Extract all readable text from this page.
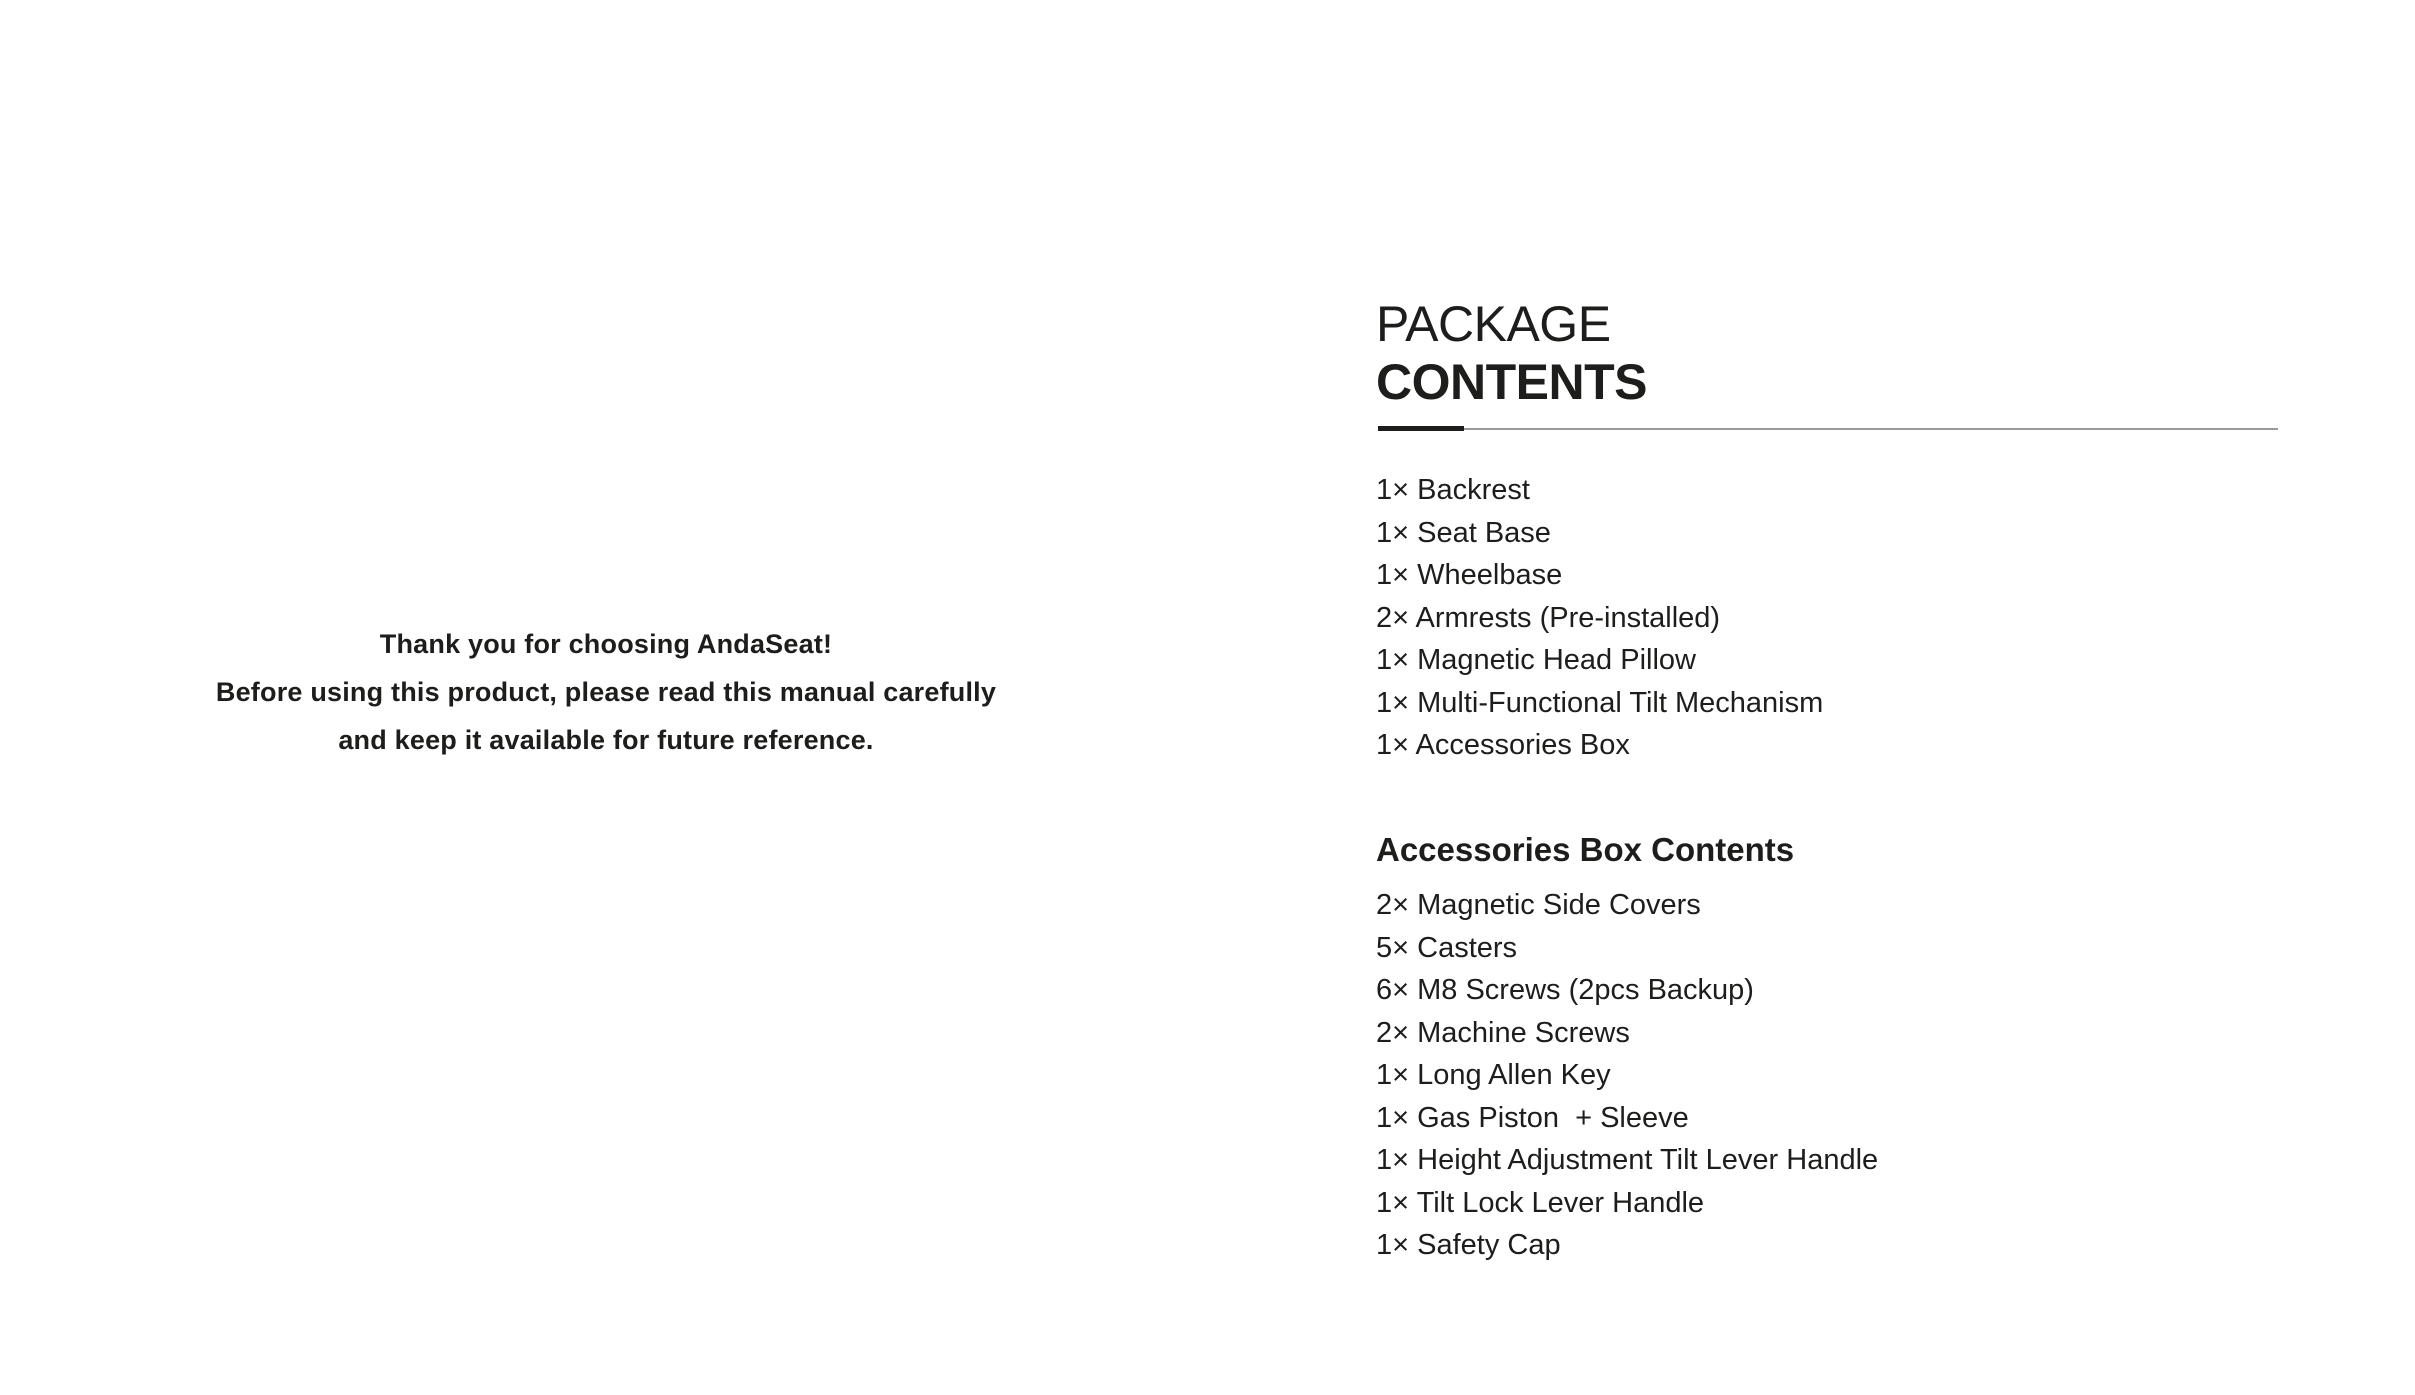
Thank you for choosing AndaSeat!
Before using this product, please read this manual carefully
and keep it available for future reference.
PACKAGE
CONTENTS
1× Backrest
1× Seat Base
1× Wheelbase
2× Armrests (Pre-installed)
1× Magnetic Head Pillow
1× Multi-Functional Tilt Mechanism
1× Accessories Box
Accessories Box Contents
2× Magnetic Side Covers
5× Casters
6× M8 Screws (2pcs Backup)
2× Machine Screws
1× Long Allen Key
1× Gas Piston  + Sleeve
1× Height Adjustment Tilt Lever Handle
1× Tilt Lock Lever Handle
1× Safety Cap
